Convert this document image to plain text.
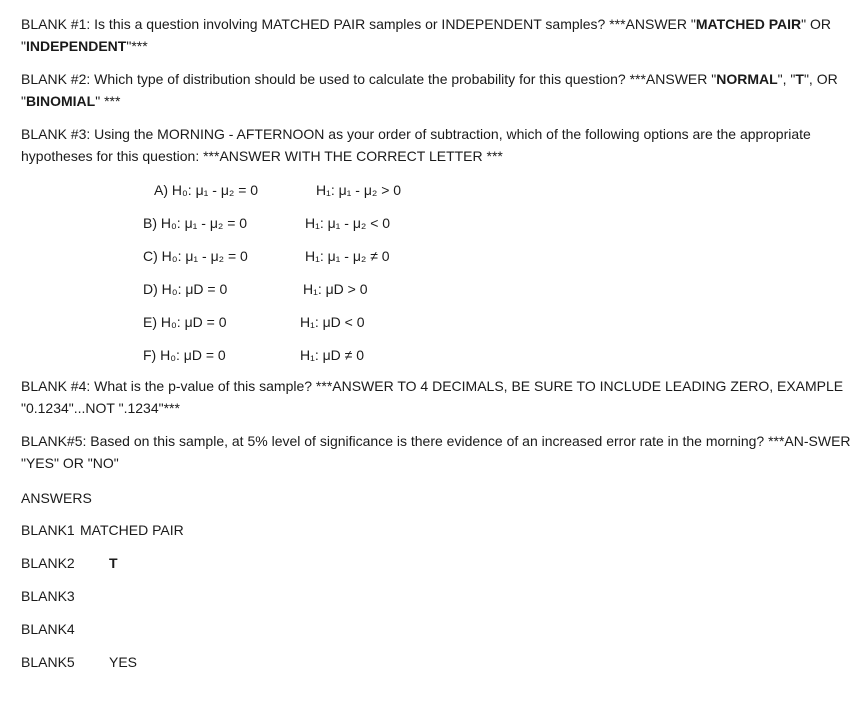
BLANK #1: Is this a question involving MATCHED PAIR samples or INDEPENDENT samples? ***ANSWER "MATCHED PAIR" OR "INDEPENDENT"***
BLANK #2: Which type of distribution should be used to calculate the probability for this question? ***ANSWER "NORMAL", "T", OR "BINOMIAL" ***
BLANK #3: Using the MORNING - AFTERNOON as your order of subtraction, which of the following options are the appropriate hypotheses for this question: ***ANSWER WITH THE CORRECT LETTER ***
A) H₀: μ₁ - μ₂ = 0	H₁: μ₁ - μ₂ > 0
B) H₀: μ₁ - μ₂ = 0	H₁: μ₁ - μ₂ < 0
C) H₀: μ₁ - μ₂ = 0	H₁: μ₁ - μ₂ ≠ 0
D) H₀: μD = 0	H₁: μD > 0
E) H₀: μD = 0	H₁: μD < 0
F) H₀: μD = 0	H₁: μD ≠ 0
BLANK #4: What is the p-value of this sample? ***ANSWER TO 4 DECIMALS, BE SURE TO INCLUDE LEADING ZERO, EXAMPLE "0.1234"...NOT ".1234"***
BLANK#5: Based on this sample, at 5% level of significance is there evidence of an increased error rate in the morning? ***AN-SWER "YES" OR "NO"
ANSWERS
BLANK1 MATCHED PAIR
BLANK2 T
BLANK3
BLANK4
BLANK5 YES
